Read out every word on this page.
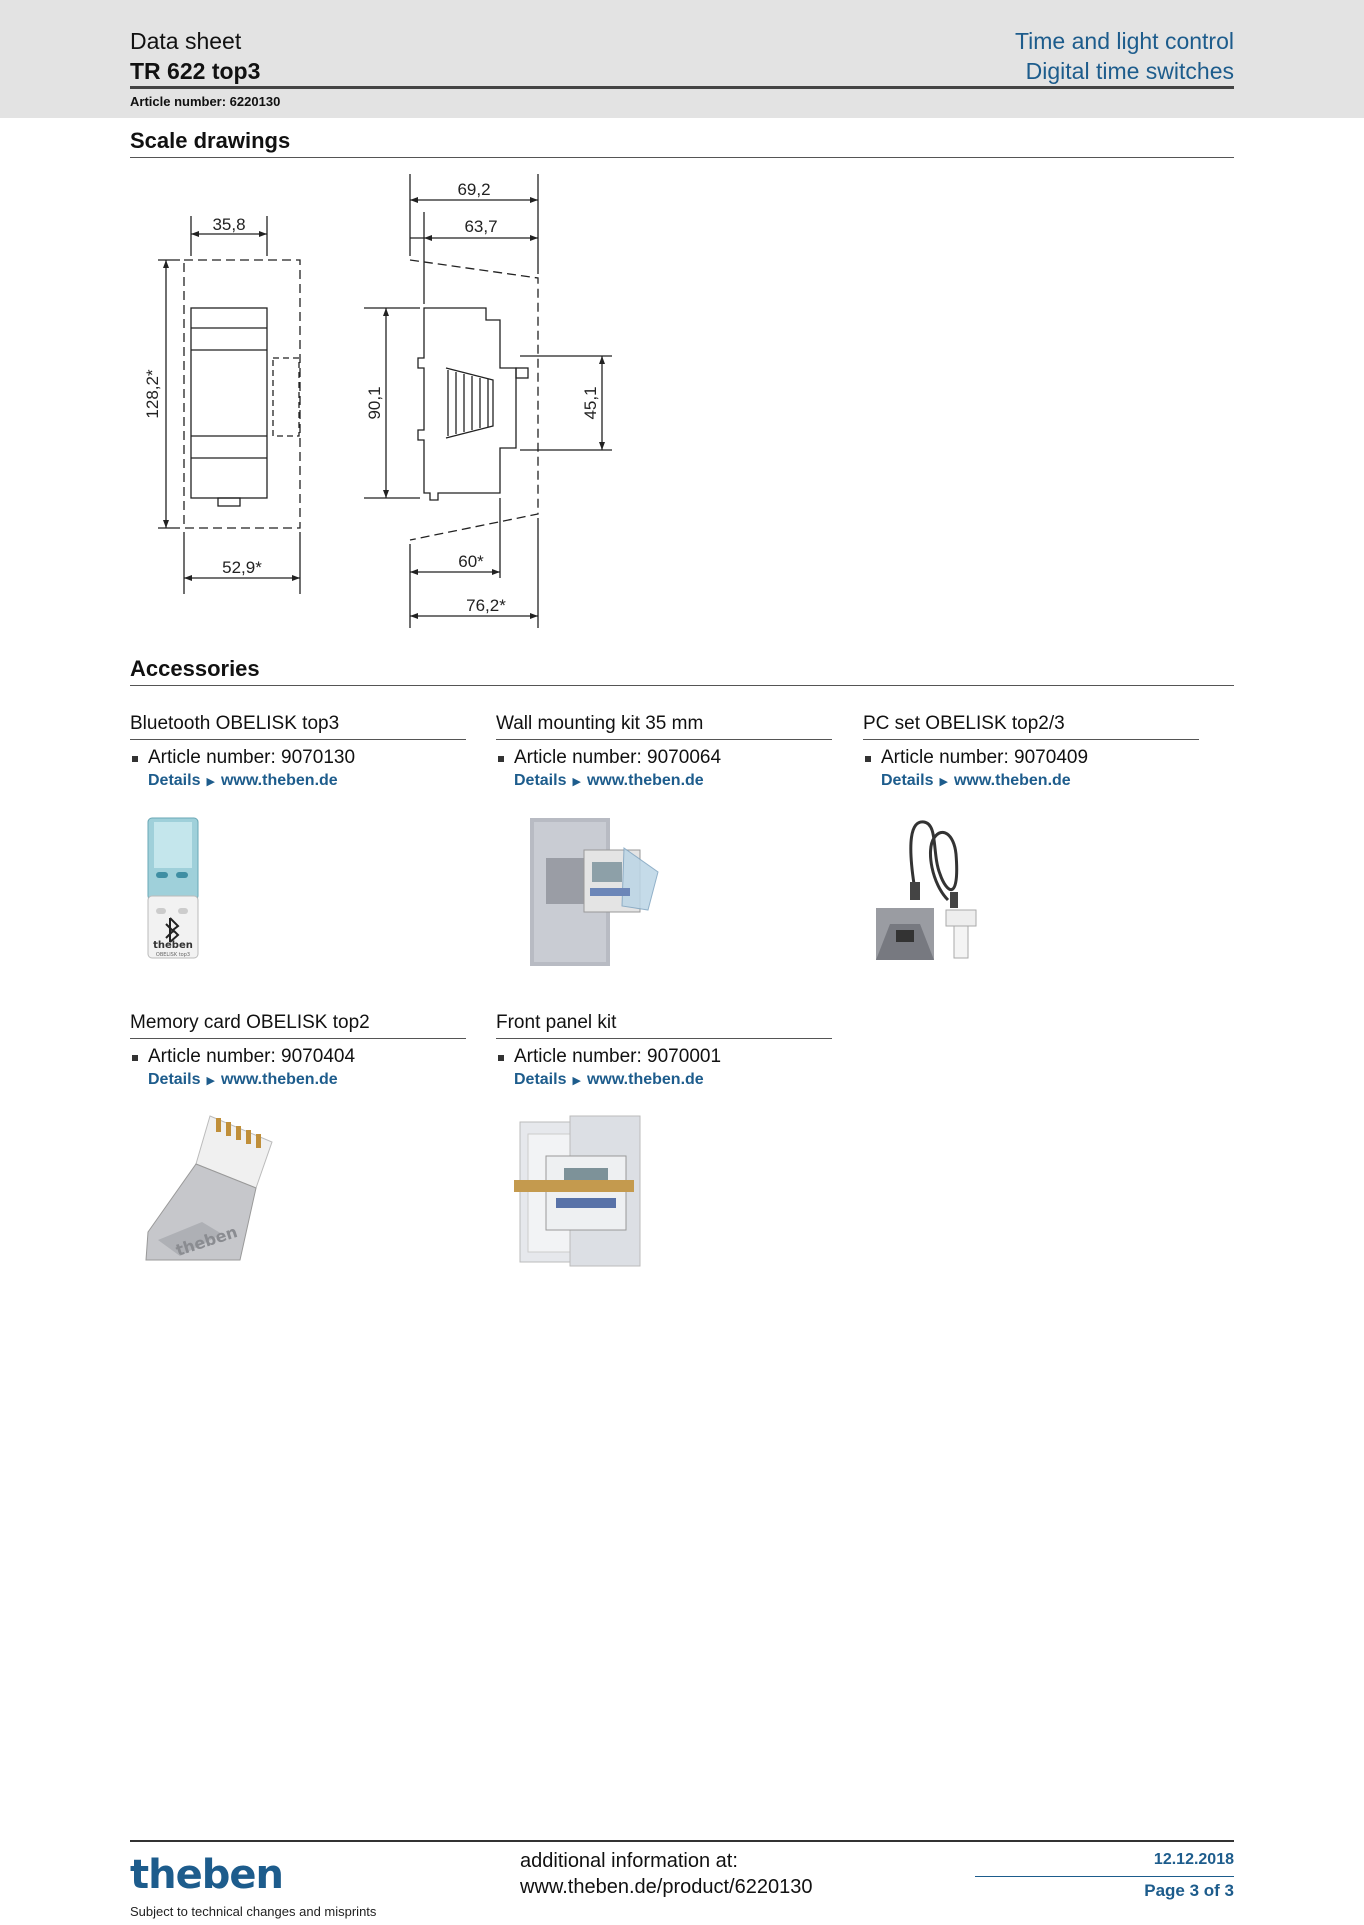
Data sheet
TR 622 top3
Time and light control
Digital time switches
Article number: 6220130
Scale drawings
35,8
128,2*
52,9*
69,2
63,7
90,1	45,1
60*
76,2*
Accessories
Bluetooth OBELISK top3
Article number: 9070130
Details ▶ www.theben.de
Wall mounting kit 35 mm
Article number: 9070064
Details ▶ www.theben.de
PC set OBELISK top2/3
Article number: 9070409
Details ▶ www.theben.de
Memory card OBELISK top2
Article number: 9070404
Details ▶ www.theben.de
Front panel kit
Article number: 9070001
Details ▶ www.theben.de
theben
OBELISK top3
theben
theben
Subject to technical changes and misprints
additional information at:
www.theben.de/product/6220130
12.12.2018
Page 3 of 3
